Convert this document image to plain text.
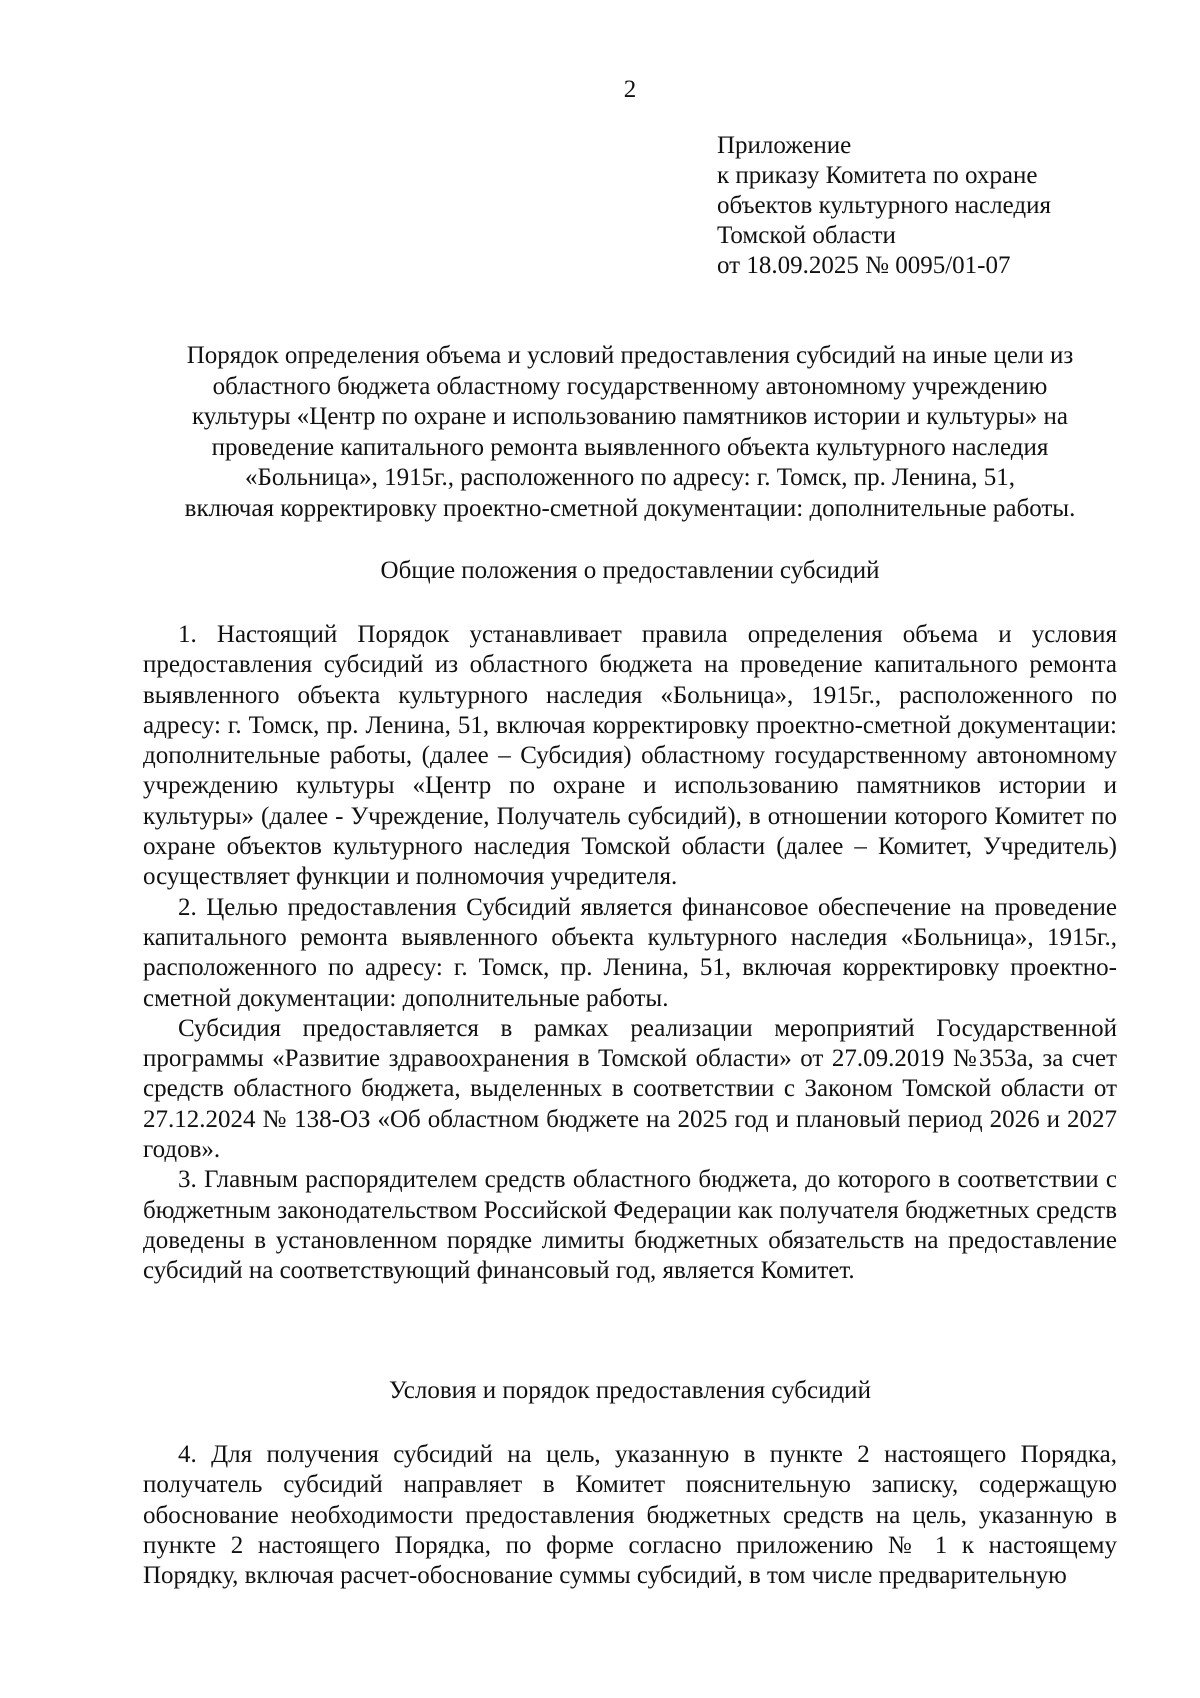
2
Приложение
к приказу Комитета по охране
объектов культурного наследия
Томской области
от 18.09.2025 № 0095/01-07
Порядок определения объема и условий предоставления субсидий на иные цели из
областного бюджета областному государственному автономному учреждению
культуры «Центр по охране и использованию памятников истории и культуры» на
проведение капитального ремонта выявленного объекта культурного наследия
«Больница», 1915г., расположенного по адресу: г. Томск, пр. Ленина, 51,
включая корректировку проектно-сметной документации: дополнительные работы.
Общие положения о предоставлении субсидий

1. Настоящий Порядок устанавливает правила определения объема и условия предоставления субсидий из областного бюджета на проведение капитального ремонта выявленного объекта культурного наследия «Больница», 1915г., расположенного по адресу: г. Томск, пр. Ленина, 51, включая корректировку проектно-сметной документации: дополнительные работы, (далее – Субсидия) областному государственному автономному учреждению культуры «Центр по охране и использованию памятников истории и культуры» (далее - Учреждение, Получатель субсидий), в отношении которого Комитет по охране объектов культурного наследия Томской области (далее – Комитет, Учредитель) осуществляет функции и полномочия учредителя.

2. Целью предоставления Субсидий является финансовое обеспечение на проведение капитального ремонта выявленного объекта культурного наследия «Больница», 1915г., расположенного по адресу: г. Томск, пр. Ленина, 51, включая корректировку проектно-сметной документации: дополнительные работы.

Субсидия предоставляется в рамках реализации мероприятий Государственной программы «Развитие здравоохранения в Томской области» от 27.09.2019 №353а, за счет средств областного бюджета, выделенных в соответствии с Законом Томской области от 27.12.2024 № 138-ОЗ «Об областном бюджете на 2025 год и плановый период 2026 и 2027 годов».

3. Главным распорядителем средств областного бюджета, до которого в соответствии с бюджетным законодательством Российской Федерации как получателя бюджетных средств доведены в установленном порядке лимиты бюджетных обязательств на предоставление субсидий на соответствующий финансовый год, является Комитет.

Условия и порядок предоставления субсидий

4. Для получения субсидий на цель, указанную в пункте 2 настоящего Порядка, получатель субсидий направляет в Комитет пояснительную записку, содержащую обоснование необходимости предоставления бюджетных средств на цель, указанную в пункте 2 настоящего Порядка, по форме согласно приложению № 1 к настоящему Порядку, включая расчет-обоснование суммы субсидий, в том числе предварительную
